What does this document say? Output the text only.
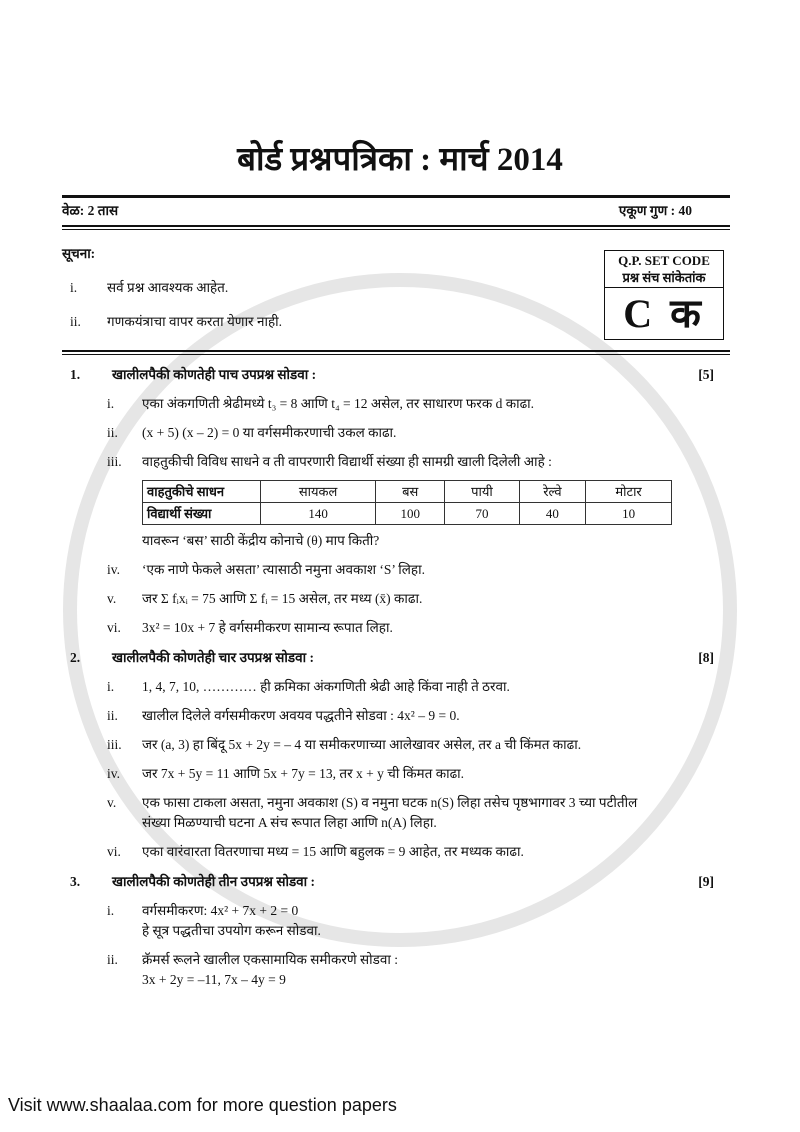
बोर्ड प्रश्नपत्रिका : मार्च 2014
वेळ: 2 तास	एकूण गुण : 40
सूचना:
i.	सर्व प्रश्न आवश्यक आहेत.
ii.	गणकयंत्राचा वापर करता येणार नाही.
Q.P. SET CODE
प्रश्न संच सांकेतांक
C क
1.	खालीलपैकी कोणतेही पाच उपप्रश्न सोडवा :	[5]
i.	एका अंकगणिती श्रेढीमध्ये t₃ = 8 आणि t₄ = 12 असेल, तर साधारण फरक d काढा.
ii.	(x + 5) (x – 2) = 0 या वर्गसमीकरणाची उकल काढा.
iii.	वाहतुकीची विविध साधने व ती वापरणारी विद्यार्थी संख्या ही सामग्री खाली दिलेली आहे :
वाहतुकीचे साधन	सायकल	बस	पायी	रेल्वे	मोटार
विद्यार्थी संख्या	140	100	70	40	10
यावरून ‘बस’ साठी केंद्रीय कोनाचे (θ) माप किती?
iv.	‘एक नाणे फेकले असता’ त्यासाठी नमुना अवकाश ‘S’ लिहा.
v.	जर Σ fᵢxᵢ = 75 आणि Σ fᵢ = 15 असेल, तर मध्य (x̄) काढा.
vi.	3x² = 10x + 7 हे वर्गसमीकरण सामान्य रूपात लिहा.
2.	खालीलपैकी कोणतेही चार उपप्रश्न सोडवा :	[8]
i.	1, 4, 7, 10, ………… ही क्रमिका अंकगणिती श्रेढी आहे किंवा नाही ते ठरवा.
ii.	खालील दिलेले वर्गसमीकरण अवयव पद्धतीने सोडवा : 4x² – 9 = 0.
iii.	जर (a, 3) हा बिंदू 5x + 2y = – 4 या समीकरणाच्या आलेखावर असेल, तर a ची किंमत काढा.
iv.	जर 7x + 5y = 11 आणि 5x + 7y = 13, तर x + y ची किंमत काढा.
v.	एक फासा टाकला असता, नमुना अवकाश (S) व नमुना घटक n(S) लिहा तसेच पृष्ठभागावर 3 च्या पटीतील
संख्या मिळण्याची घटना A संच रूपात लिहा आणि n(A) लिहा.
vi.	एका वारंवारता वितरणाचा मध्य = 15 आणि बहुलक = 9 आहेत, तर मध्यक काढा.
3.	खालीलपैकी कोणतेही तीन उपप्रश्न सोडवा :	[9]
i.	वर्गसमीकरण: 4x² + 7x + 2 = 0
हे सूत्र पद्धतीचा उपयोग करून सोडवा.
ii.	क्रॅमर्स रूलने खालील एकसामायिक समीकरणे सोडवा :
3x + 2y = –11, 7x – 4y = 9
Visit www.shaalaa.com for more question papers
